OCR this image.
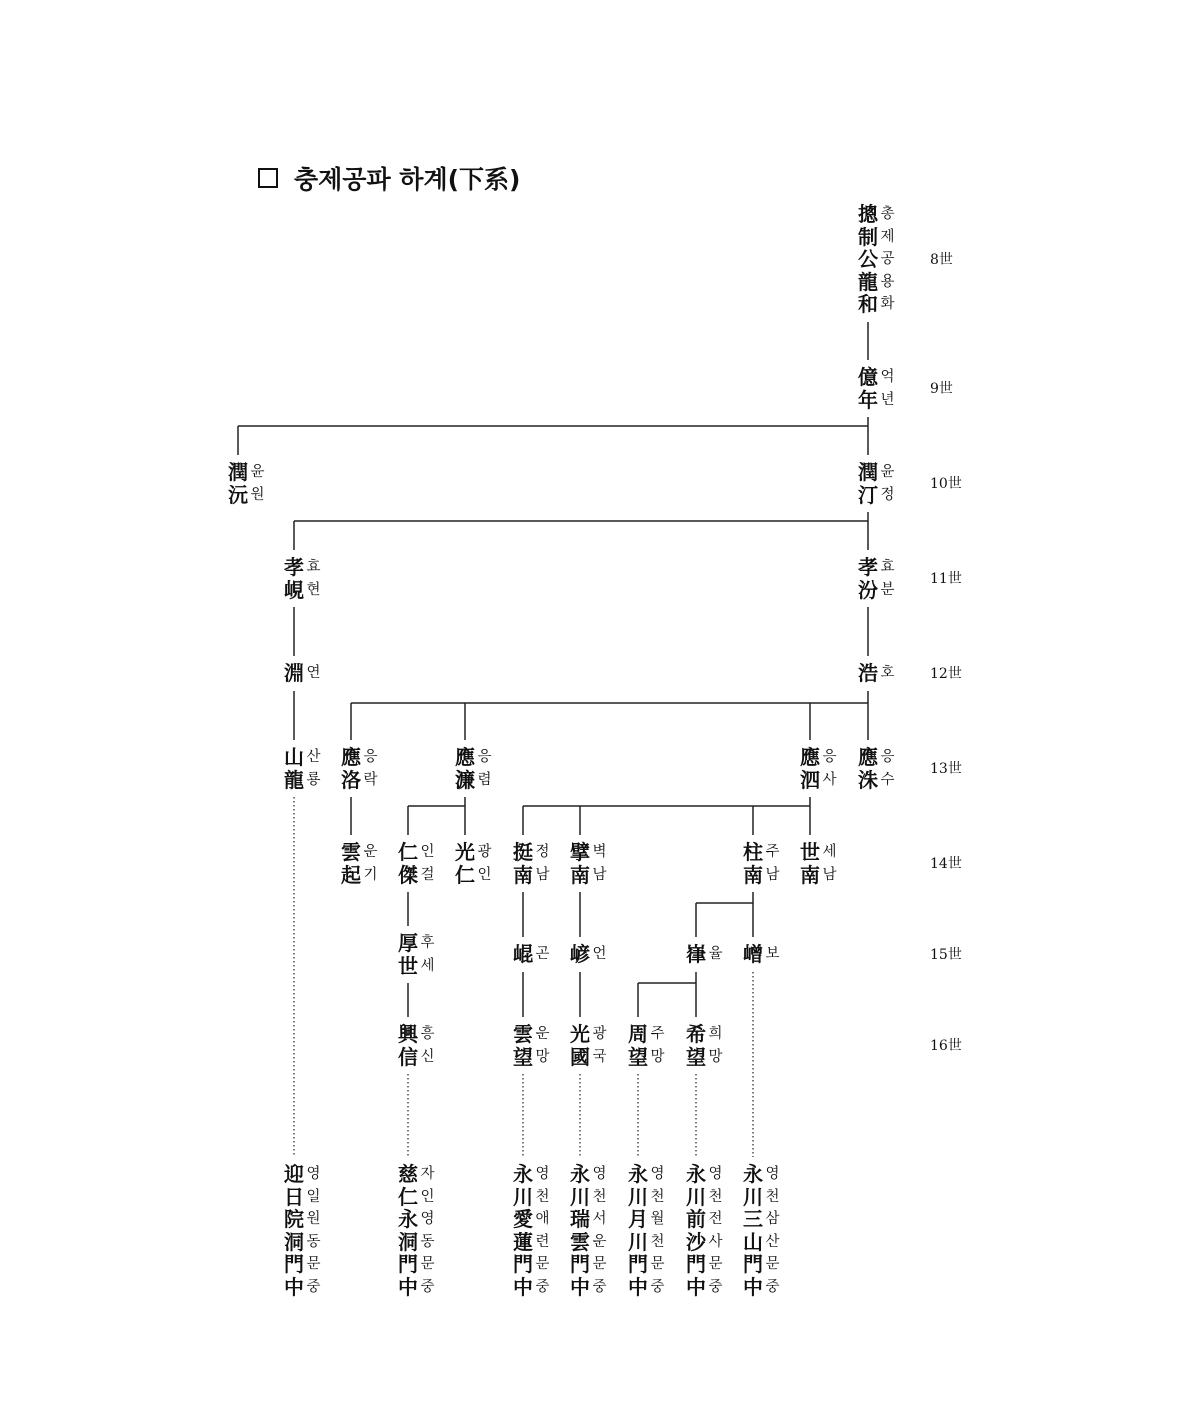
충제공파 하계(下系)
摠
制
公
龍
和
총
제
공
용
화
億
年
억
년
潤
汀
윤
정
潤
沅
윤
원
孝
汾
효
분
孝
峴
효
현
浩 호
淵 연
應
洙
응
수
應
泗
응
사
應
濂
응
렴
應
洛
응
락
山
龍
산
룡
世
南
세
남
柱
南
주
남
擘
南
벽
남
挺
南
정
남
光
仁
광
인
仁
傑
인
걸
雲
起
운
기
嶒 보
嵂 율
嵃 언
崐 곤
厚
世
후
세
希
望
희
망
周
望
주
망
光
國
광
국
雲
望
운
망
興
信
흥
신
迎
日
院
洞
門
中
영
일
원
동
문
중
慈
仁
永
洞
門
中
자
인
영
동
문
중
永
川
愛
蓮
門
中
영
천
애
련
문
중
永
川
瑞
雲
門
中
영
천
서
운
문
중
永
川
月
川
門
中
영
천
월
천
문
중
永
川
前
沙
門
中
영
천
전
사
문
중
永
川
三
山
門
中
영
천
삼
산
문
중
8世
9世
10世
11世
12世
13世
14世
15世
16世
